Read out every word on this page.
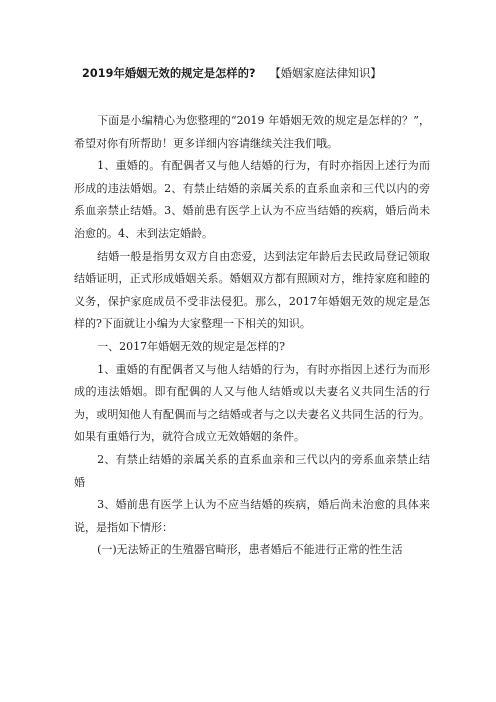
2019年婚姻无效的规定是怎样的? 【婚姻家庭法律知识】

下面是小编精心为您整理的“2019 年婚姻无效的规定是怎样的？”，希望对你有所帮助！更多详细内容请继续关注我们哦。

1、重婚的。有配偶者又与他人结婚的行为，有时亦指因上述行为而形成的违法婚姻。2、有禁止结婚的亲属关系的直系血亲和三代以内的旁系血亲禁止结婚。3、婚前患有医学上认为不应当结婚的疾病，婚后尚未治愈的。4、未到法定婚龄。

结婚一般是指男女双方自由恋爱，达到法定年龄后去民政局登记领取结婚证明，正式形成婚姻关系。婚姻双方都有照顾对方，维持家庭和睦的义务，保护家庭成员不受非法侵犯。那么，2017年婚姻无效的规定是怎样的?下面就让小编为大家整理一下相关的知识。

一、2017年婚姻无效的规定是怎样的?

1、重婚的有配偶者又与他人结婚的行为，有时亦指因上述行为而形成的违法婚姻。即有配偶的人又与他人结婚或以夫妻名义共同生活的行为，或明知他人有配偶而与之结婚或者与之以夫妻名义共同生活的行为。如果有重婚行为，就符合成立无效婚姻的条件。

2、有禁止结婚的亲属关系的直系血亲和三代以内的旁系血亲禁止结婚

3、婚前患有医学上认为不应当结婚的疾病，婚后尚未治愈的具体来说，是指如下情形：

(一)无法矫正的生殖器官畸形，患者婚后不能进行正常的性生活
